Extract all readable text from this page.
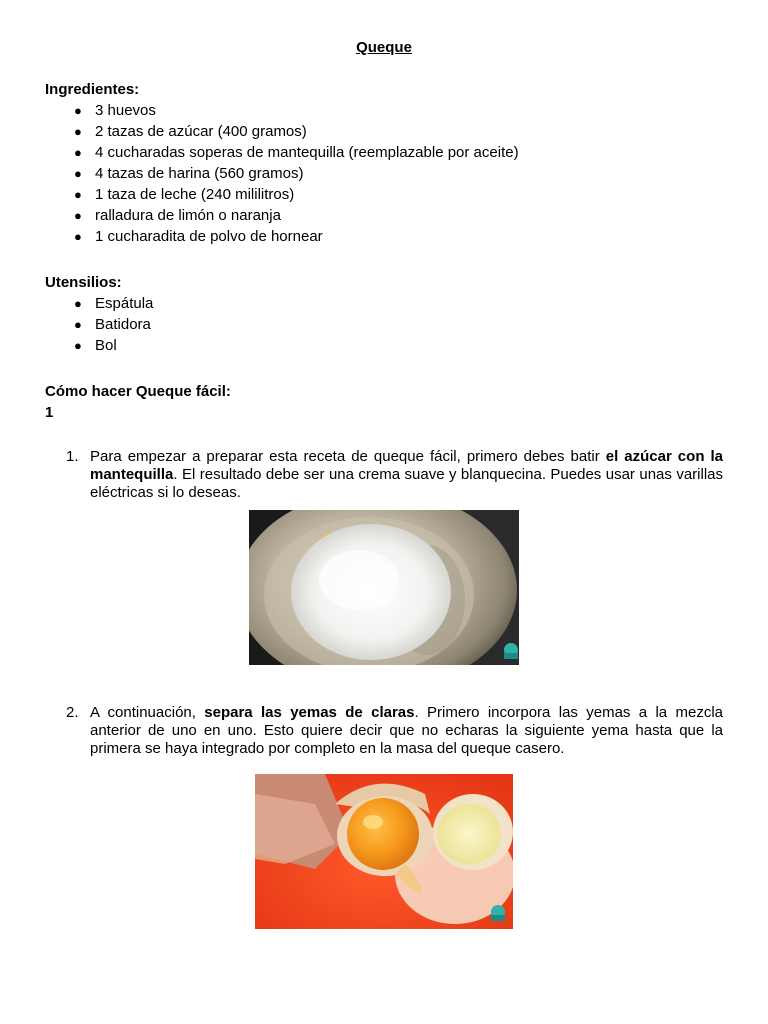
Queque
Ingredientes:
● 3 huevos
● 2 tazas de azúcar (400 gramos)
● 4 cucharadas soperas de mantequilla (reemplazable por aceite)
● 4 tazas de harina (560 gramos)
● 1 taza de leche (240 mililitros)
● ralladura de limón o naranja
● 1 cucharadita de polvo de hornear
Utensilios:
● Espátula
● Batidora
● Bol
Cómo hacer Queque fácil:
1
1. Para empezar a preparar esta receta de queque fácil, primero debes batir el azúcar con la mantequilla. El resultado debe ser una crema suave y blanquecina. Puedes usar unas varillas eléctricas si lo deseas.
2. A continuación, separa las yemas de claras. Primero incorpora las yemas a la mezcla anterior de uno en uno. Esto quiere decir que no echaras la siguiente yema hasta que la primera se haya integrado por completo en la masa del queque casero.
